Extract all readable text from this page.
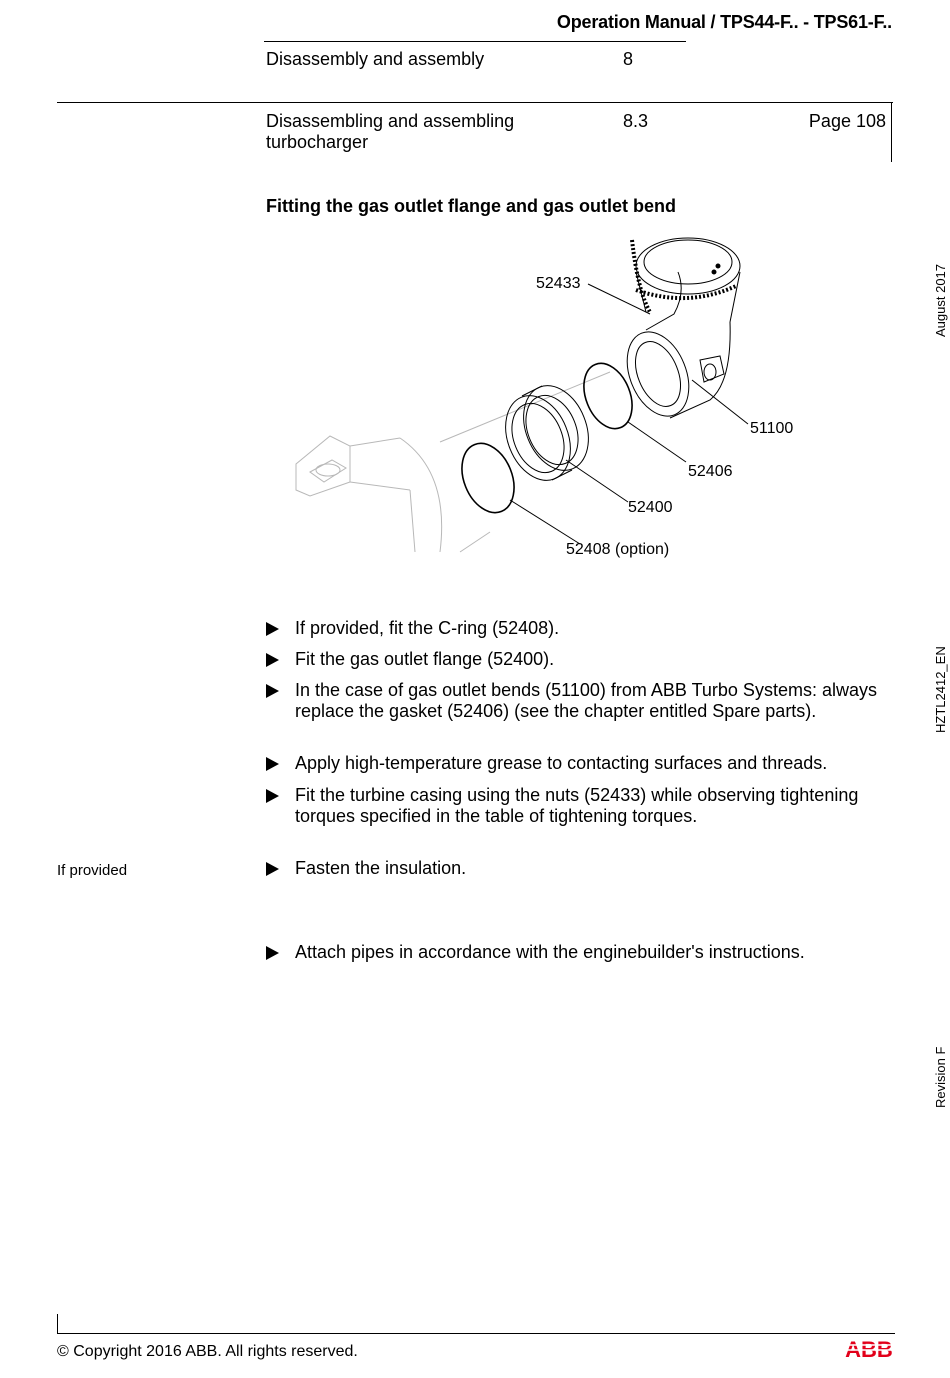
Operation Manual / TPS44-F.. - TPS61-F..
Disassembly and assembly	8
Disassembling and assembling turbocharger
8.3	Page 108
August 2017
HZTL2412_EN
Revision F
Fitting the gas outlet flange and gas outlet bend
52433
51100
52406
52400
52408 (option)
If provided, fit the C-ring (52408).
Fit the gas outlet flange (52400).
In the case of gas outlet bends (51100) from ABB Turbo Systems: always replace the gasket (52406) (see the chapter entitled Spare parts).
Apply high-temperature grease to contacting surfaces and threads.
Fit the turbine casing using the nuts (52433) while observing tightening torques specified in the table of tightening torques.
Fasten the insulation.
Attach pipes in accordance with the enginebuilder's instructions.
If provided
© Copyright 2016 ABB. All rights reserved.	ABB
